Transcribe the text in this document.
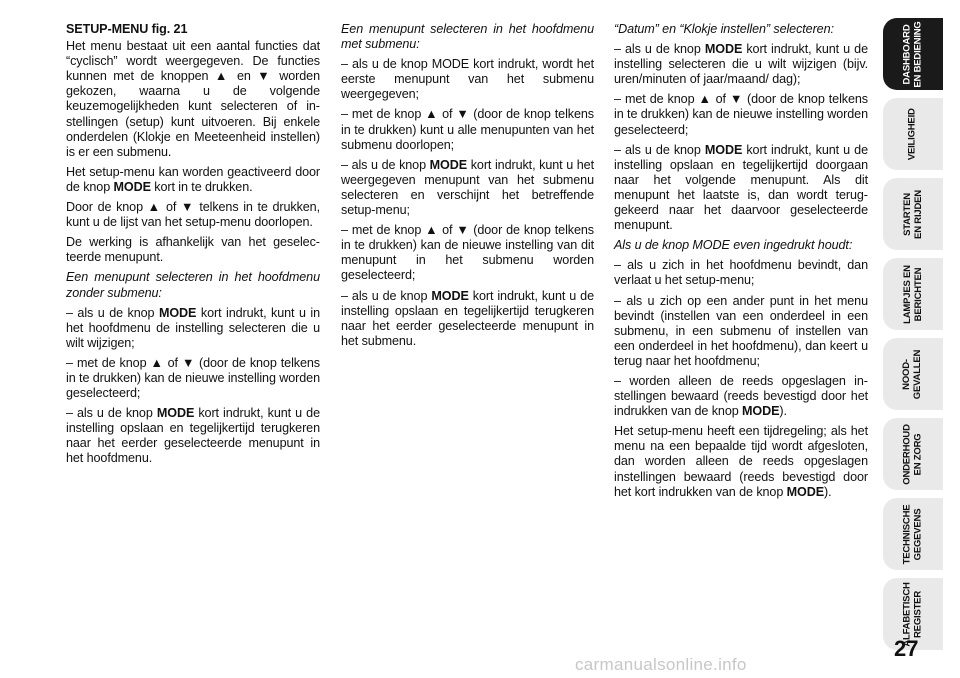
SETUP-MENU fig. 21

Het menu bestaat uit een aantal functies dat “cyclisch” wordt weergegeven. De functies kunnen met de knoppen ▲ en ▼ worden gekozen, waarna u de volgende keuzemogelijkheden kunt selecteren of instellingen (setup) kunt uitvoeren. Bij enkele onderdelen (Klokje en Meeteenheid instellen) is er een submenu.

Het setup-menu kan worden geactiveerd door de knop MODE kort in te drukken.

Door de knop ▲ of ▼ telkens in te drukken, kunt u de lijst van het setup-menu doorlopen.

De werking is afhankelijk van het geselecteerde menupunt.

Een menupunt selecteren in het hoofdmenu zonder submenu:

– als u de knop MODE kort indrukt, kunt u in het hoofdmenu de instelling selecteren die u wilt wijzigen;

– met de knop ▲ of ▼ (door de knop telkens in te drukken) kan de nieuwe instelling worden geselecteerd;

– als u de knop MODE kort indrukt, kunt u de instelling opslaan en tegelijkertijd terugkeren naar het eerder geselecteerde menupunt in het hoofdmenu.

Een menupunt selecteren in het hoofdmenu met submenu:

– als u de knop MODE kort indrukt, wordt het eerste menupunt van het submenu weergegeven;

– met de knop ▲ of ▼ (door de knop telkens in te drukken) kunt u alle menupunten van het submenu doorlopen;

– als u de knop MODE kort indrukt, kunt u het weergegeven menupunt van het submenu selecteren en verschijnt het betreffende setup-menu;

– met de knop ▲ of ▼ (door de knop telkens in te drukken) kan de nieuwe instelling van dit menupunt in het submenu worden geselecteerd;

– als u de knop MODE kort indrukt, kunt u de instelling opslaan en tegelijkertijd terugkeren naar het eerder geselecteerde menupunt in het submenu.

“Datum” en “Klokje instellen” selecteren:

– als u de knop MODE kort indrukt, kunt u de instelling selecteren die u wilt wijzigen (bijv. uren/minuten of jaar/maand/ dag);

– met de knop ▲ of ▼ (door de knop telkens in te drukken) kan de nieuwe instelling worden geselecteerd;

– als u de knop MODE kort indrukt, kunt u de instelling opslaan en tegelijkertijd doorgaan naar het volgende menupunt. Als dit menupunt het laatste is, dan wordt teruggekeerd naar het daarvoor geselecteerde menupunt.

Als u de knop MODE even ingedrukt houdt:

– als u zich in het hoofdmenu bevindt, dan verlaat u het setup-menu;

– als u zich op een ander punt in het menu bevindt (instellen van een onderdeel in een submenu, in een submenu of instellen van een onderdeel in het hoofdmenu), dan keert u terug naar het hoofdmenu;

– worden alleen de reeds opgeslagen instellingen bewaard (reeds bevestigd door het indrukken van de knop MODE).

Het setup-menu heeft een tijdregeling; als het menu na een bepaalde tijd wordt afgesloten, dan worden alleen de reeds opgeslagen instellingen bewaard (reeds bevestigd door het kort indrukken van de knop MODE).

DASHBOARD
EN BEDIENING
VEILIGHEID
STARTEN
EN RIJDEN
LAMPJES EN
BERICHTEN
NOOD-
GEVALLEN
ONDERHOUD
EN ZORG
TECHNISCHE
GEGEVENS
ALFABETISCH
REGISTER
27
carmanualsonline.info
